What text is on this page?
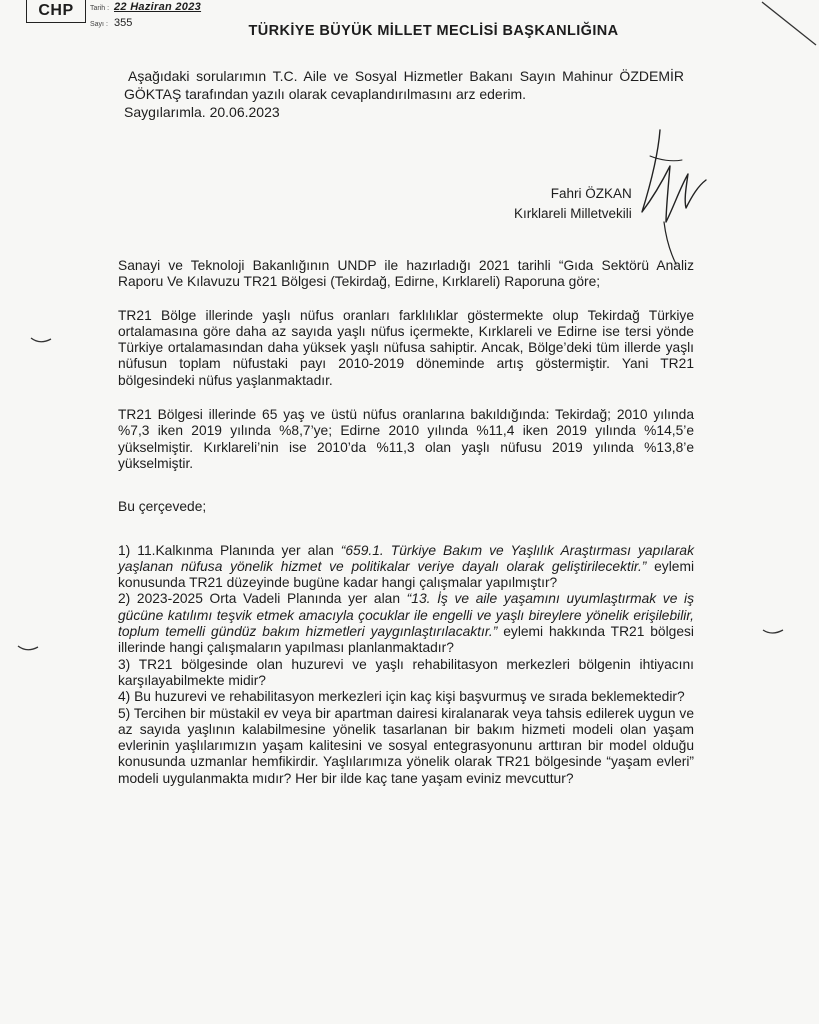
CHP	Tarih : 22 Haziran 2023
Sayı : 355	TÜRKİYE BÜYÜK MİLLET MECLİSİ BAŞKANLIĞINA

Aşağıdaki sorularımın T.C. Aile ve Sosyal Hizmetler Bakanı Sayın Mahinur ÖZDEMİR GÖKTAŞ tarafından yazılı olarak cevaplandırılmasını arz ederim.

Saygılarımla. 20.06.2023

Fahri ÖZKAN
Kırklareli Milletvekili

Sanayi ve Teknoloji Bakanlığının UNDP ile hazırladığı 2021 tarihli “Gıda Sektörü Analiz Raporu Ve Kılavuzu TR21 Bölgesi (Tekirdağ, Edirne, Kırklareli) Raporuna göre;

TR21 Bölge illerinde yaşlı nüfus oranları farklılıklar göstermekte olup Tekirdağ Türkiye ortalamasına göre daha az sayıda yaşlı nüfus içermekte, Kırklareli ve Edirne ise tersi yönde Türkiye ortalamasından daha yüksek yaşlı nüfusa sahiptir. Ancak, Bölge’deki tüm illerde yaşlı nüfusun toplam nüfustaki payı 2010-2019 döneminde artış göstermiştir. Yani TR21 bölgesindeki nüfus yaşlanmaktadır.

TR21 Bölgesi illerinde 65 yaş ve üstü nüfus oranlarına bakıldığında: Tekirdağ; 2010 yılında %7,3 iken 2019 yılında %8,7’ye; Edirne 2010 yılında %11,4 iken 2019 yılında %14,5’e yükselmiştir. Kırklareli’nin ise 2010’da %11,3 olan yaşlı nüfusu 2019 yılında %13,8’e yükselmiştir.

Bu çerçevede;

1) 11.Kalkınma Planında yer alan “659.1. Türkiye Bakım ve Yaşlılık Araştırması yapılarak yaşlanan nüfusa yönelik hizmet ve politikalar veriye dayalı olarak geliştirilecektir.” eylemi konusunda TR21 düzeyinde bugüne kadar hangi çalışmalar yapılmıştır?

2) 2023-2025 Orta Vadeli Planında yer alan “13. İş ve aile yaşamını uyumlaştırmak ve iş gücüne katılımı teşvik etmek amacıyla çocuklar ile engelli ve yaşlı bireylere yönelik erişilebilir, toplum temelli gündüz bakım hizmetleri yaygınlaştırılacaktır.” eylemi hakkında TR21 bölgesi illerinde hangi çalışmaların yapılması planlanmaktadır?

3) TR21 bölgesinde olan huzurevi ve yaşlı rehabilitasyon merkezleri bölgenin ihtiyacını karşılayabilmekte midir?

4) Bu huzurevi ve rehabilitasyon merkezleri için kaç kişi başvurmuş ve sırada beklemektedir?

5) Tercihen bir müstakil ev veya bir apartman dairesi kiralanarak veya tahsis edilerek uygun ve az sayıda yaşlının kalabilmesine yönelik tasarlanan bir bakım hizmeti modeli olan yaşam evlerinin yaşlılarımızın yaşam kalitesini ve sosyal entegrasyonunu arttıran bir model olduğu konusunda uzmanlar hemfikirdir. Yaşlılarımıza yönelik olarak TR21 bölgesinde “yaşam evleri” modeli uygulanmakta mıdır? Her bir ilde kaç tane yaşam eviniz mevcuttur?
